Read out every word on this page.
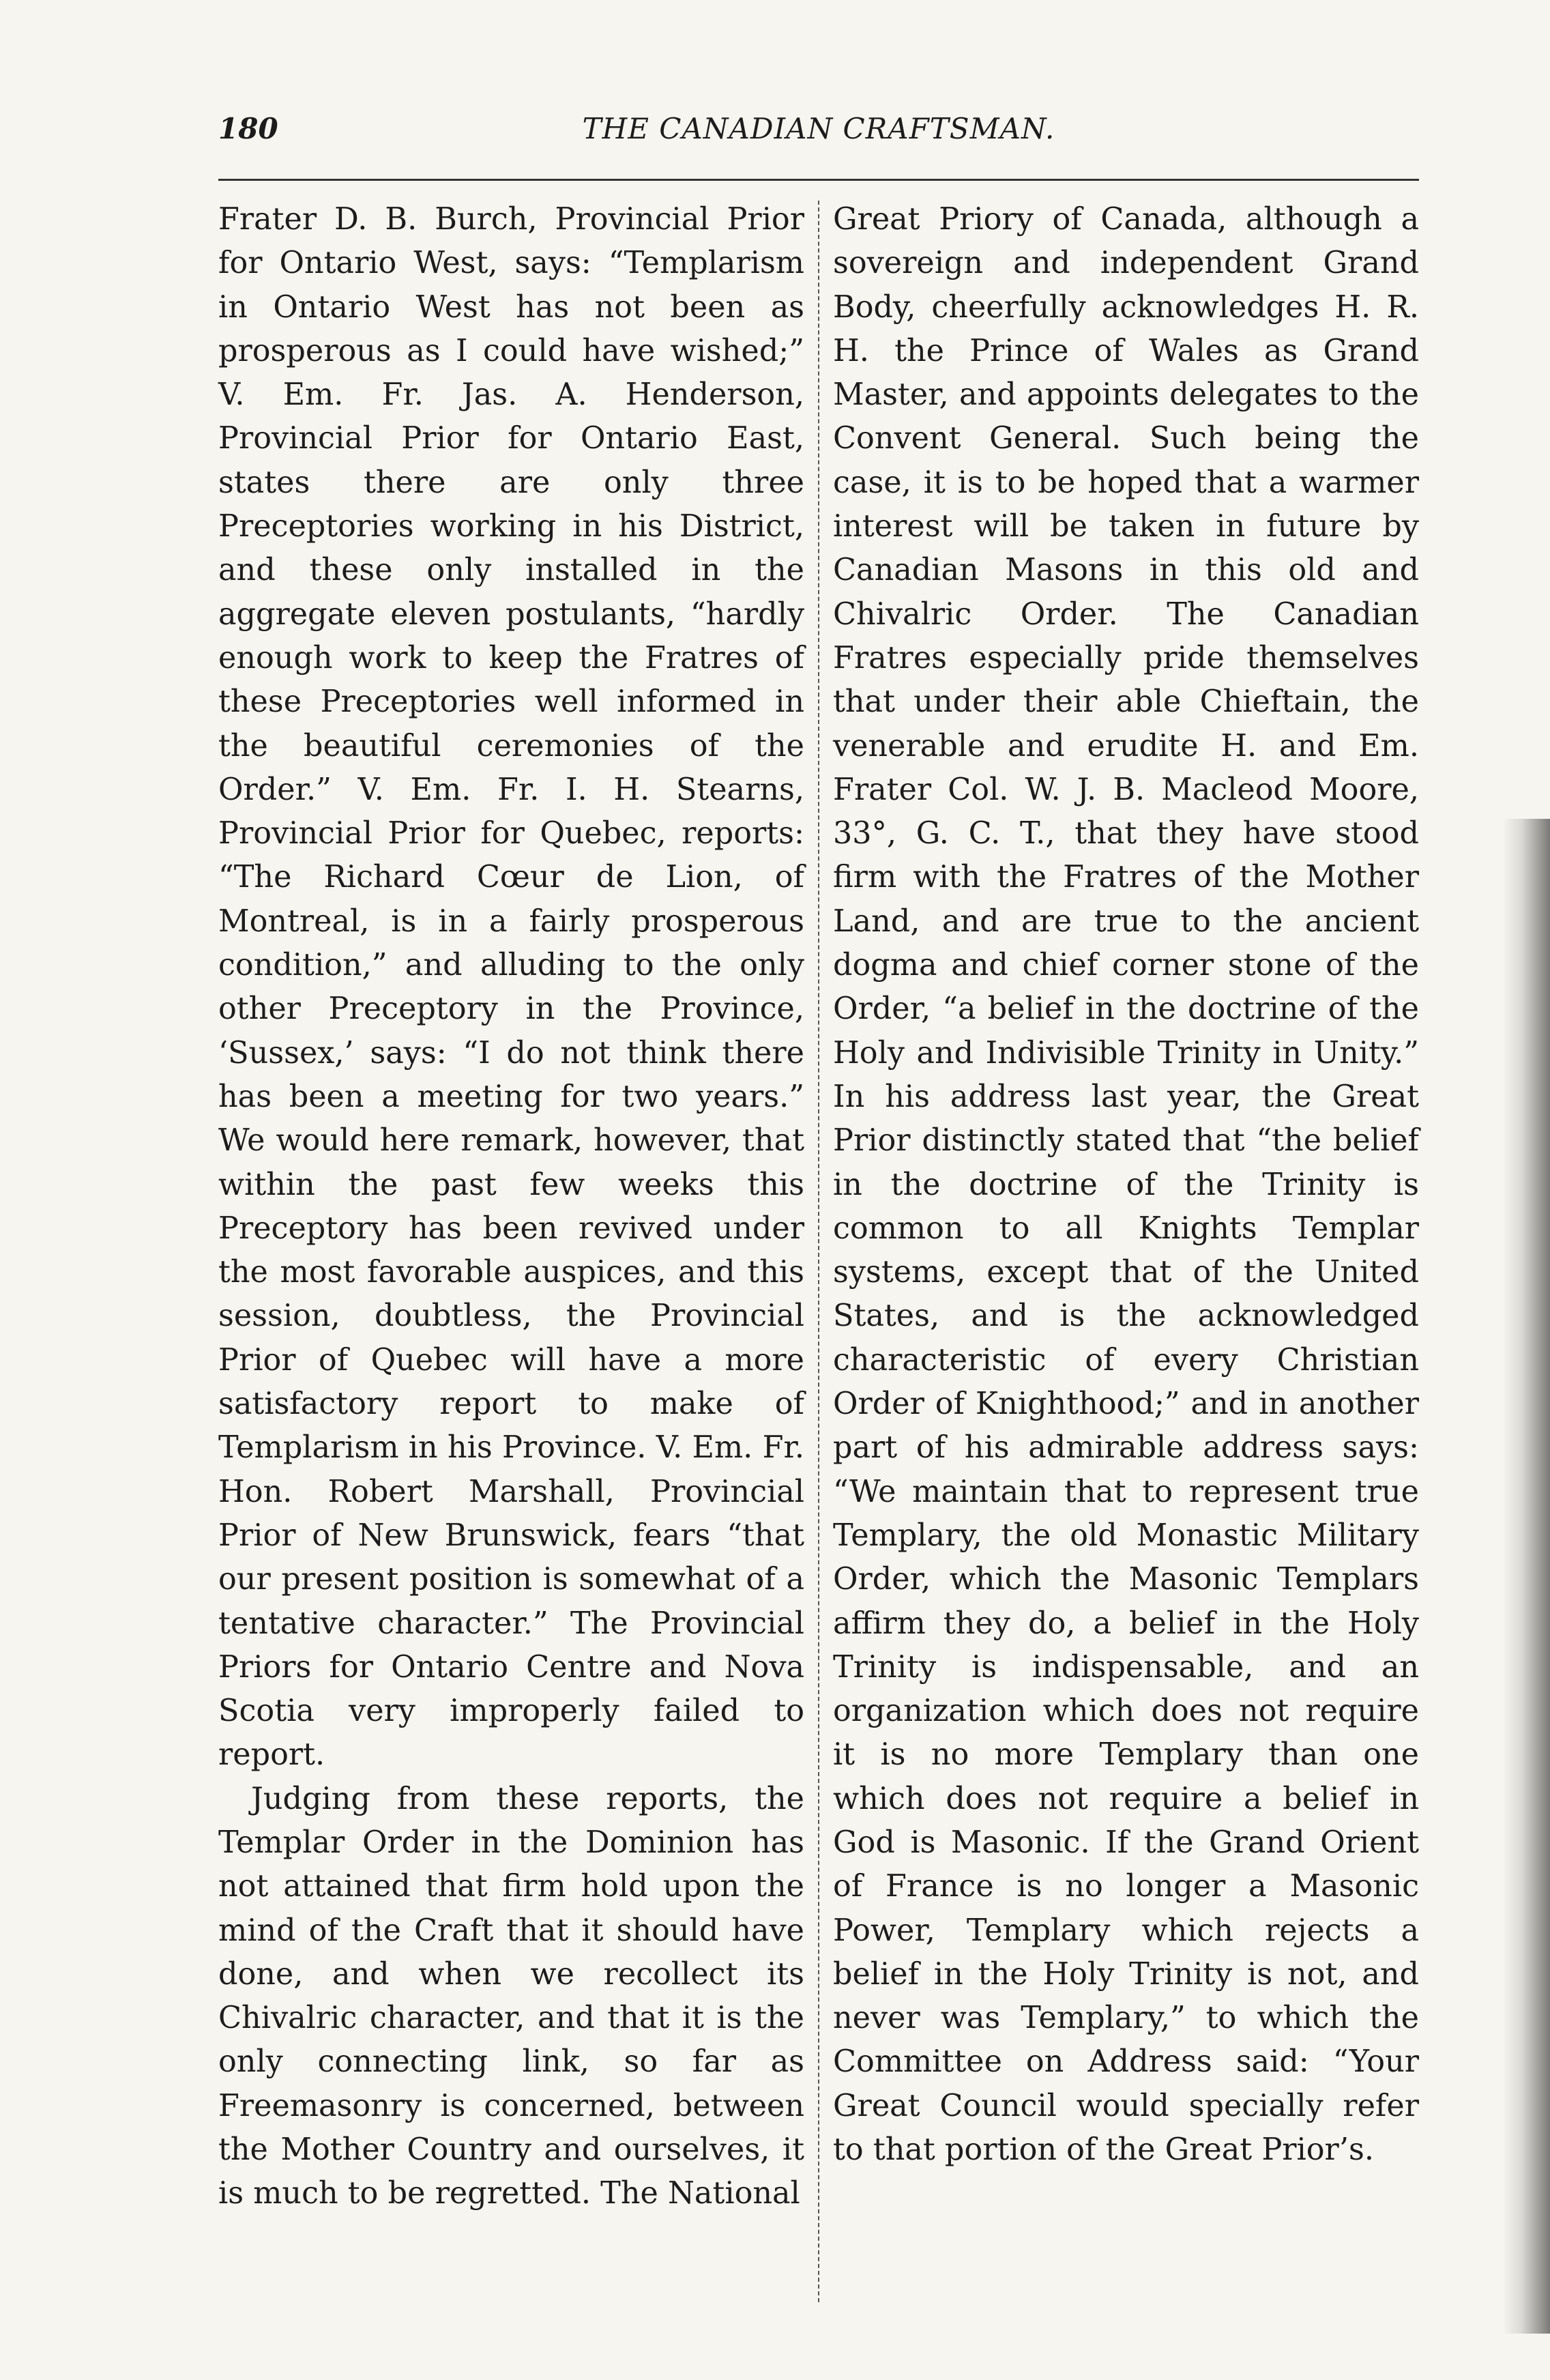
180	THE CANADIAN CRAFTSMAN.

Frater D. B. Burch, Provincial Prior for Ontario West, says: “Templarism in Ontario West has not been as prosperous as I could have wished;” V. Em. Fr. Jas. A. Henderson, Provincial Prior for Ontario East, states there are only three Preceptories working in his District, and these only installed in the aggregate eleven postulants, “hardly enough work to keep the Fratres of these Preceptories well informed in the beautiful ceremonies of the Order.” V. Em. Fr. I. H. Stearns, Provincial Prior for Quebec, reports: “The Richard Cœur de Lion, of Montreal, is in a fairly prosperous condition,” and alluding to the only other Preceptory in the Province, ‘Sussex,’ says: “I do not think there has been a meeting for two years.” We would here remark, however, that within the past few weeks this Preceptory has been revived under the most favorable auspices, and this session, doubtless, the Provincial Prior of Quebec will have a more satisfactory report to make of Templarism in his Province. V. Em. Fr. Hon. Robert Marshall, Provincial Prior of New Brunswick, fears “that our present position is somewhat of a tentative character.” The Provincial Priors for Ontario Centre and Nova Scotia very improperly failed to report.

Judging from these reports, the Templar Order in the Dominion has not attained that firm hold upon the mind of the Craft that it should have done, and when we recollect its Chivalric character, and that it is the only connecting link, so far as Freemasonry is concerned, between the Mother Country and ourselves, it is much to be regretted. The National

Great Priory of Canada, although a sovereign and independent Grand Body, cheerfully acknowledges H. R. H. the Prince of Wales as Grand Master, and appoints delegates to the Convent General. Such being the case, it is to be hoped that a warmer interest will be taken in future by Canadian Masons in this old and Chivalric Order. The Canadian Fratres especially pride themselves that under their able Chieftain, the venerable and erudite H. and Em. Frater Col. W. J. B. Macleod Moore, 33°, G. C. T., that they have stood firm with the Fratres of the Mother Land, and are true to the ancient dogma and chief corner stone of the Order, “a belief in the doctrine of the Holy and Indivisible Trinity in Unity.” In his address last year, the Great Prior distinctly stated that “the belief in the doctrine of the Trinity is common to all Knights Templar systems, except that of the United States, and is the acknowledged characteristic of every Christian Order of Knighthood;” and in another part of his admirable address says: “We maintain that to represent true Templary, the old Monastic Military Order, which the Masonic Templars affirm they do, a belief in the Holy Trinity is indispensable, and an organization which does not require it is no more Templary than one which does not require a belief in God is Masonic. If the Grand Orient of France is no longer a Masonic Power, Templary which rejects a belief in the Holy Trinity is not, and never was Templary,” to which the Committee on Address said: “Your Great Council would specially refer to that portion of the Great Prior’s.
